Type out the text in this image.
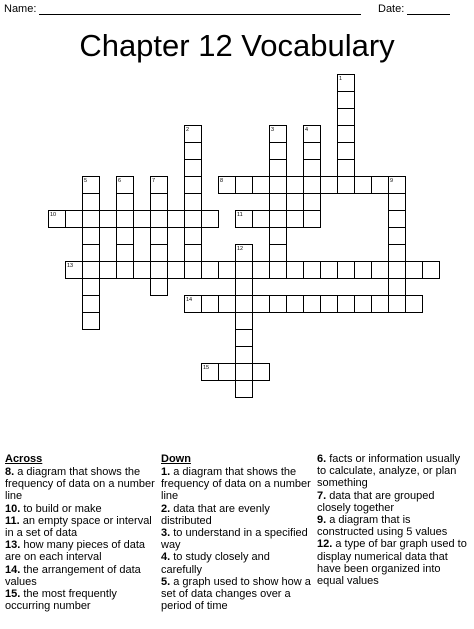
Name:	Date:
Chapter 12 Vocabulary
1
2	3	4
5	6	7	9
12
8
10	11
13
14
15
Across
8. a diagram that shows the frequency of data on a number line
10. to build or make
11. an empty space or interval in a set of data
13. how many pieces of data are on each interval
14. the arrangement of data values
15. the most frequently occurring number
Down
1. a diagram that shows the frequency of data on a number line
2. data that are evenly distributed
3. to understand in a specified way
4. to study closely and carefully
5. a graph used to show how a set of data changes over a period of time
6. facts or information usually to calculate, analyze, or plan something
7. data that are grouped closely together
9. a diagram that is constructed using 5 values
12. a type of bar graph used to display numerical data that have been organized into equal values
